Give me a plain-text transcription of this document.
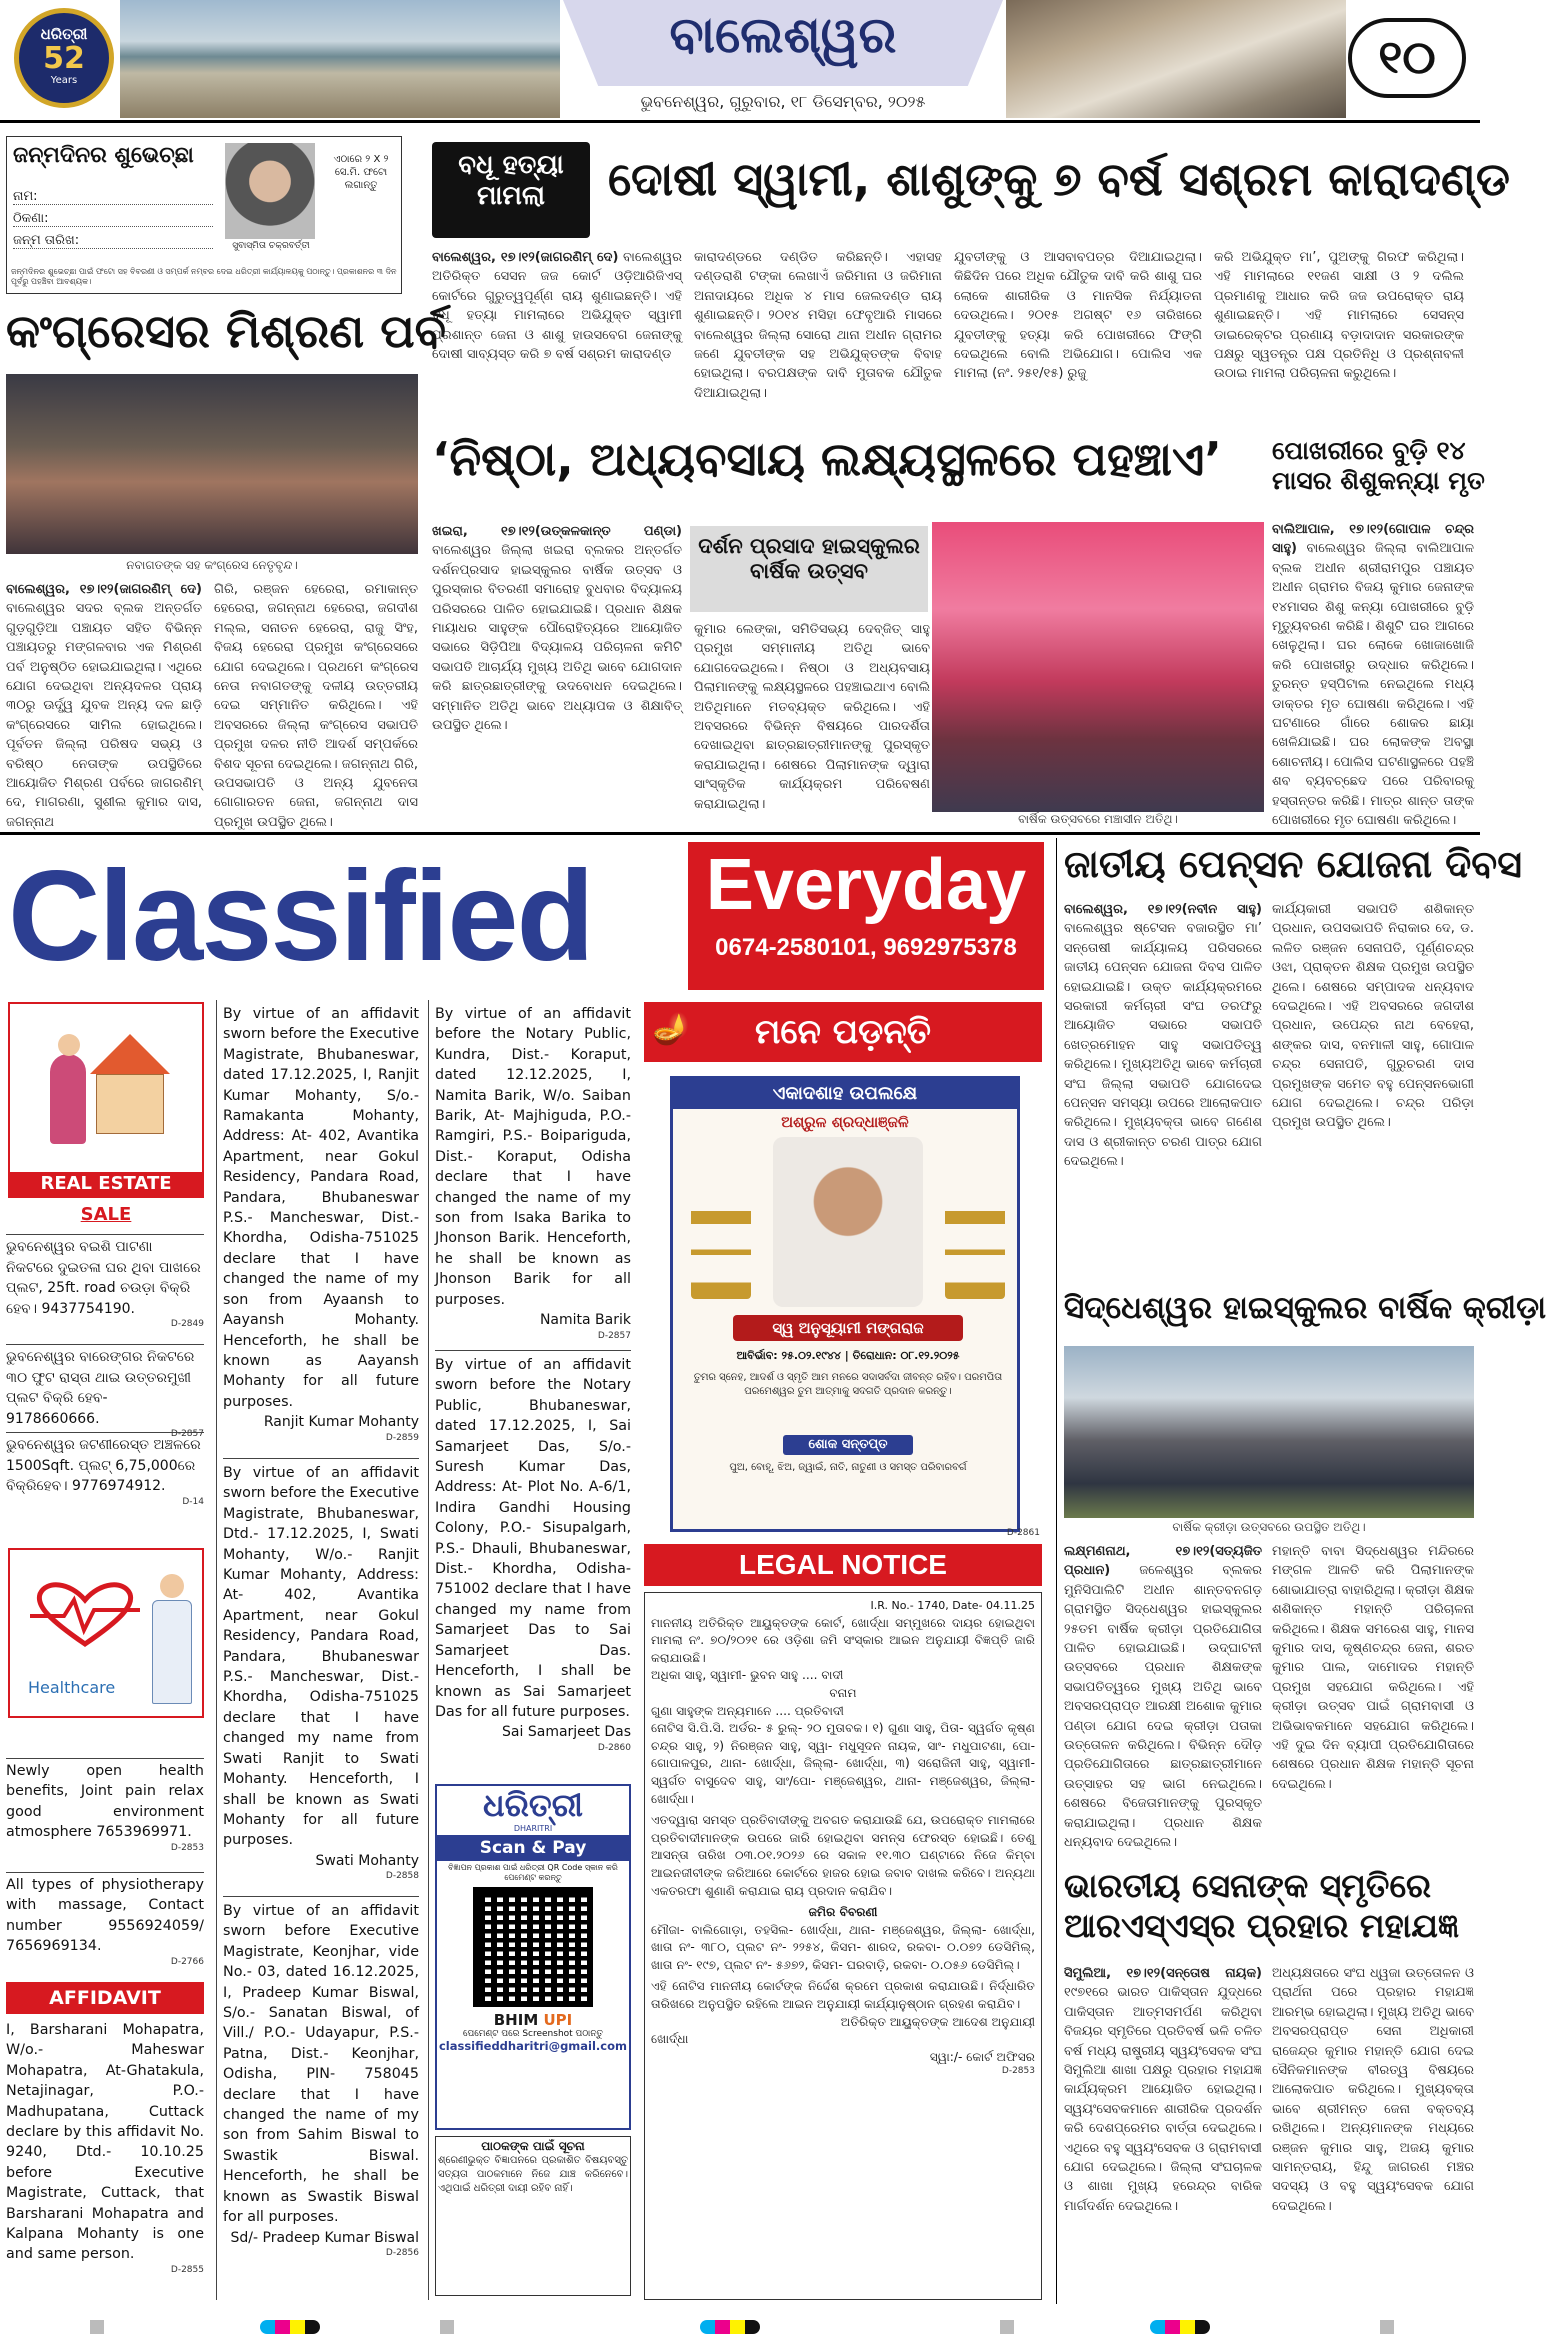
ଧରିତ୍ରୀ
52
Years
ବାଲେଶ୍ୱର
ଭୁବନେଶ୍ୱର, ଗୁରୁବାର, ୧୮ ଡିସେମ୍ବର, ୨୦୨୫
୧୦
ଜନ୍ମଦିନର ଶୁଭେଚ୍ଛା
ନାମ:
ଠିକଣା:
ଜନ୍ମ ତାରିଖ:	ସୁବାସ୍ମିତା ଚକ୍ରବର୍ତ୍ତୀ
ଏଠାରେ ୨ X ୨ ସେ.ମି. ଫଟୋ ଲଗାନ୍ତୁ
ଜନ୍ମଦିନର ଶୁଭେଚ୍ଛା ପାଇଁ ଫଟୋ ସହ ବିବରଣୀ ଓ ସମ୍ପର୍କ ନମ୍ବର ଦେଇ ଧରିତ୍ରୀ କାର୍ଯ୍ୟାଳୟକୁ ପଠାନ୍ତୁ। ପ୍ରକାଶନର ୩ ଦିନ ପୂର୍ବରୁ ପହଞ୍ଚିବା ଆବଶ୍ୟକ।
ବଧୂ ହତ୍ୟା
ମାମଲା	ଦୋଷୀ ସ୍ୱାମୀ, ଶାଶୁଙ୍କୁ ୭ ବର୍ଷ ସଶ୍ରମ କାରାଦଣ୍ଡ
ବାଲେଶ୍ୱର, ୧୭।୧୨(ଜାଗରଣିମ୍ ଦେ) ବାଲେଶ୍ୱର ଅତିରିକ୍ତ ସେସନ ଜଜ କୋର୍ଟ ଓଡ଼ିଆରିଜିଏସ୍ କୋର୍ଟରେ ଗୁରୁତ୍ୱପୂର୍ଣ୍ଣ ରାୟ ଶୁଣାଇଛନ୍ତି। ଏହି ବଧୂ ହତ୍ୟା ମାମଲାରେ ଅଭିଯୁକ୍ତ ସ୍ୱାମୀ ପ୍ରଶାନ୍ତ ଜେନା ଓ ଶାଶୁ ହାଉସବେଗ ଜେନାଙ୍କୁ ଦୋଷୀ ସାବ୍ୟସ୍ତ କରି ୭ ବର୍ଷ ସଶ୍ରମ କାରାଦଣ୍ଡ
କାରାଦଣ୍ଡରେ ଦଣ୍ଡିତ କରିଛନ୍ତି। ଏହାସହ ଦଣ୍ଡରାଶି ଟଙ୍କା ଲେଖାଏଁ ଜରିମାନା ଓ ଜରିମାନା ଅନାଦାୟରେ ଅଧିକ ୪ ମାସ ଜେଲଦଣ୍ଡ ରାୟ ଶୁଣାଇଛନ୍ତି। ୨୦୧୪ ମସିହା ଫେବୃଆରି ମାସରେ ବାଲେଶ୍ୱର ଜିଲ୍ଲା ସୋରୋ ଥାନା ଅଧୀନ ଗ୍ରାମର ଜଣେ ଯୁବତୀଙ୍କ ସହ ଅଭିଯୁକ୍ତଙ୍କ ବିବାହ ହୋଇଥିଲା। ବରପକ୍ଷଙ୍କ ଦାବି ମୁତାବକ ଯୌତୁକ ଦିଆଯାଇଥିଲା।
ଯୁବତୀଙ୍କୁ ଓ ଆସବାବପତ୍ର ଦିଆଯାଇଥିଲା। କିଛିଦିନ ପରେ ଅଧିକ ଯୌତୁକ ଦାବି କରି ଶାଶୁ ଘର ଲୋକେ ଶାରୀରିକ ଓ ମାନସିକ ନିର୍ଯ୍ୟାତନା ଦେଉଥିଲେ। ୨୦୧୫ ଅଗଷ୍ଟ ୧୬ ତାରିଖରେ ଯୁବତୀଙ୍କୁ ହତ୍ୟା କରି ପୋଖରୀରେ ଫିଙ୍ଗି ଦେଇଥିଲେ ବୋଲି ଅଭିଯୋଗ। ପୋଲିସ ଏକ ମାମଲା (ନଂ. ୨୫୧/୧୫) ରୁଜୁ
କରି ଅଭିଯୁକ୍ତ ମା’, ପୁଅଙ୍କୁ ଗିରଫ କରିଥିଲା। ଏହି ମାମଲାରେ ୧୧ଜଣ ସାକ୍ଷୀ ଓ ୨ ଦଲିଲ ପ୍ରମାଣକୁ ଆଧାର କରି ଜଜ ଉପରୋକ୍ତ ରାୟ ଶୁଣାଇଛନ୍ତି। ଏହି ମାମଲାରେ ସେସନ୍ସ ଡାଇରେକ୍ଟର ପ୍ରଣାୟ ବଡ଼ାଦାଦାନ ସରକାରଙ୍କ ପକ୍ଷରୁ ସ୍ୱତନ୍ତ୍ର ପକ୍ଷ ପ୍ରତିନିଧି ଓ ପ୍ରଶ୍ନାବଳୀ ଉଠାଇ ମାମଲା ପରିଚାଳନା କରୁଥିଲେ।
କଂଗ୍ରେସର ମିଶ୍ରଣ ପର୍ବ
ନବାଗତଙ୍କ ସହ କଂଗ୍ରେସ ନେତୃବୃନ୍ଦ।
ବାଲେଶ୍ୱର, ୧୭।୧୨(ଜାଗରଣିମ୍ ଦେ) ବାଲେଶ୍ୱର ସଦର ବ୍ଲକ ଅନ୍ତର୍ଗତ ଗୁଡ଼ଗୁଡ଼ିଆ ପଞ୍ଚାୟତ ସହିତ ବିଭିନ୍ନ ପଞ୍ଚାୟତରୁ ମଙ୍ଗଳବାର ଏକ ମିଶ୍ରଣ ପର୍ବ ଅନୁଷ୍ଠିତ ହୋଇଯାଇଥିଲା। ଏଥିରେ ଯୋଗ ଦେଇଥିବା ଅନ୍ୟଦଳର ପ୍ରାୟ ୩୦ରୁ ଊର୍ଦ୍ଧ୍ୱ ଯୁବକ ଅନ୍ୟ ଦଳ ଛାଡ଼ି କଂଗ୍ରେସରେ ସାମିଲ ହୋଇଥିଲେ। ପୂର୍ବତନ ଜିଲ୍ଲା ପରିଷଦ ସଭ୍ୟ ଓ ବରିଷ୍ଠ ନେତାଙ୍କ ଉପସ୍ଥିତିରେ ଆୟୋଜିତ ମିଶ୍ରଣ ପର୍ବରେ ଜାଗରଣିମ୍ ଦେ, ମାଗରଣା, ସୁଶୀଲ କୁମାର ଦାସ, ଜଗନ୍ନାଥ
ଗିରି, ରଞ୍ଜନ ହେରେରା, ରମାକାନ୍ତ ହେରେରା, ଜଗନ୍ନାଥ ହେରେରା, ଜଗଦୀଶ ମଲ୍ଲ, ସନାତନ ହେରେରା, ରାଜୁ ସିଂହ, ବିଜୟ ହେରେରା ପ୍ରମୁଖ କଂଗ୍ରେସରେ ଯୋଗ ଦେଇଥିଲେ। ପ୍ରଥମେ କଂଗ୍ରେସ ନେତା ନବାଗତଙ୍କୁ ଦଳୀୟ ଉତ୍ତରୀୟ ଦେଇ ସମ୍ମାନିତ କରିଥିଲେ। ଏହି ଅବସରରେ ଜିଲ୍ଲା କଂଗ୍ରେସ ସଭାପତି ପ୍ରମୁଖ ଦଳର ନୀତି ଆଦର୍ଶ ସମ୍ପର୍କରେ ବିଶଦ ସୂଚନା ଦେଇଥିଲେ। ଜଗନ୍ନାଥ ଗିରି, ଉପସଭାପତି ଓ ଅନ୍ୟ ଯୁବନେତା ଗୋଗାରତନ ଜେନା, ଜଗନ୍ନାଥ ଦାସ ପ୍ରମୁଖ ଉପସ୍ଥିତ ଥିଲେ।
‘ନିଷ୍ଠା, ଅଧ୍ୟବସାୟ ଲକ୍ଷ୍ୟସ୍ଥଳରେ ପହଞ୍ଚାଏ’
ଖଇରା, ୧୭।୧୨(ଉତ୍କଳକାନ୍ତ ପଣ୍ଡା) ବାଲେଶ୍ୱର ଜିଲ୍ଲା ଖଇରା ବ୍ଲକର ଅନ୍ତର୍ଗତ ଦର୍ଶନପ୍ରସାଦ ହାଇସ୍କୁଲର ବାର୍ଷିକ ଉତ୍ସବ ଓ ପୁରସ୍କାର ବିତରଣୀ ସମାରୋହ ବୁଧବାର ବିଦ୍ୟାଳୟ ପରିସରରେ ପାଳିତ ହୋଇଯାଇଛି। ପ୍ରଧାନ ଶିକ୍ଷକ ମାୟାଧର ସାହୁଙ୍କ ପୌରୋହିତ୍ୟରେ ଆୟୋଜିତ ସଭାରେ ସିଡ଼ିପିଆ ବିଦ୍ୟାଳୟ ପରିଚାଳନା କମିଟି ସଭାପତି ଆଚାର୍ଯ୍ୟ ମୁଖ୍ୟ ଅତିଥି ଭାବେ ଯୋଗଦାନ କରି ଛାତ୍ରଛାତ୍ରୀଙ୍କୁ ଉଦବୋଧନ ଦେଇଥିଲେ। ସମ୍ମାନିତ ଅତିଥି ଭାବେ ଅଧ୍ୟାପକ ଓ ଶିକ୍ଷାବିତ୍ ଉପସ୍ଥିତ ଥିଲେ।
ଦର୍ଶନ ପ୍ରସାଦ ହାଇସ୍କୁଲର
ବାର୍ଷିକ ଉତ୍ସବ
କୁମାର ଲେଙ୍କା, ସମିତିସଭ୍ୟ ଦେବ୍ଜିତ୍ ସାହୁ ପ୍ରମୁଖ ସମ୍ମାନୀୟ ଅତିଥି ଭାବେ ଯୋଗଦେଇଥିଲେ। ନିଷ୍ଠା ଓ ଅଧ୍ୟବସାୟ ପିଲାମାନଙ୍କୁ ଲକ୍ଷ୍ୟସ୍ଥଳରେ ପହଞ୍ଚାଇଥାଏ ବୋଲି ଅତିଥିମାନେ ମତବ୍ୟକ୍ତ କରିଥିଲେ। ଏହି ଅବସରରେ ବିଭିନ୍ନ ବିଷୟରେ ପାରଦର୍ଶିତା ଦେଖାଇଥିବା ଛାତ୍ରଛାତ୍ରୀମାନଙ୍କୁ ପୁରସ୍କୃତ କରାଯାଇଥିଲା। ଶେଷରେ ପିଲାମାନଙ୍କ ଦ୍ୱାରା ସାଂସ୍କୃତିକ କାର୍ଯ୍ୟକ୍ରମ ପରିବେଷଣ କରାଯାଇଥିଲା।
ବାର୍ଷିକ ଉତ୍ସବରେ ମଞ୍ଚାସୀନ ଅତିଥି।
ପୋଖରୀରେ ବୁଡ଼ି ୧୪
ମାସର ଶିଶୁକନ୍ୟା ମୃତ
ବାଲିଆପାଳ, ୧୭।୧୨(ଗୋପାଳ ଚନ୍ଦ୍ର ସାହୁ) ବାଲେଶ୍ୱର ଜିଲ୍ଲା ବାଲିଆପାଳ ବ୍ଲକ ଅଧୀନ ଶ୍ରୀରାମପୁର ପଞ୍ଚାୟତ ଅଧୀନ ଗ୍ରାମର ବିଜୟ କୁମାର ଜେନାଙ୍କ ୧୪ମାସର ଶିଶୁ କନ୍ୟା ପୋଖରୀରେ ବୁଡ଼ି ମୃତ୍ୟୁବରଣ କରିଛି। ଶିଶୁଟି ଘର ଆଗରେ ଖେଳୁଥିଲା। ଘର ଲୋକେ ଖୋଜାଖୋଜି କରି ପୋଖରୀରୁ ଉଦ୍ଧାର କରିଥିଲେ। ତୁରନ୍ତ ହସ୍ପିଟାଲ ନେଇଥିଲେ ମଧ୍ୟ ଡାକ୍ତର ମୃତ ଘୋଷଣା କରିଥିଲେ। ଏହି ଘଟଣାରେ ଗାଁରେ ଶୋକର ଛାୟା ଖେଳିଯାଇଛି। ଘର ଲୋକଙ୍କ ଅବସ୍ଥା ଶୋଚନୀୟ। ପୋଲିସ ଘଟଣାସ୍ଥଳରେ ପହଞ୍ଚି ଶବ ବ୍ୟବଚ୍ଛେଦ ପରେ ପରିବାରକୁ ହସ୍ତାନ୍ତର କରିଛି। ମାତ୍ର ଶାନ୍ତ ତାଙ୍କ ପୋଖରୀରେ ମୃତ ଘୋଷଣା କରିଥିଲେ।
Classified Everyday
0674-2580101, 9692975378
REAL ESTATE
SALE
ଭୁବନେଶ୍ୱର ବଇଶି ପାଟଣା ନିକଟରେ ଦୁଇତଳା ଘର ଥିବା ପାଖରେ ପ୍ଲଟ, 25ft. road ଚଉଡ଼ା ବିକ୍ରି ହେବ। 9437754190.
D-2849
ଭୁବନେଶ୍ୱର ବାରେଙ୍ଗର ନିକଟରେ ୩୦ ଫୁଟ ରାସ୍ତା ଥାଇ ଉତ୍ତରମୁଖୀ ପ୍ଲଟ ବିକ୍ରି ହେବ- 9178660666.
D-2857
ଭୁବନେଶ୍ୱର ଜଟଣୀରେସ୍ତ ଅଞ୍ଚଳରେ 1500Sqft. ପ୍ଲଟ୍ 6,75,000ରେ ବିକ୍ରିହେବ। 9776974912.
D-14
Healthcare
Newly open health benefits, Joint pain relax good environment atmosphere 7653969971.
D-2853
All types of physiotherapy with massage, Contact number 9556924059/ 7656969134.
D-2766
AFFIDAVIT
I, Barsharani Mohapatra, W/o.- Maheswar Mohapatra, At-Ghatakula, Netajinagar, P.O.- Madhupatana, Cuttack declare by this affidavit No. 9240, Dtd.- 10.10.25 before Executive Magistrate, Cuttack, that Barsharani Mohapatra and Kalpana Mohanty is one and same person.
D-2855
By virtue of an affidavit sworn before the Executive Magistrate, Bhubaneswar, dated 17.12.2025, I, Ranjit Kumar Mohanty, S/o.- Ramakanta Mohanty, Address: At- 402, Avantika Apartment, near Gokul Residency, Pandara Road, Pandara, Bhubaneswar P.S.- Mancheswar, Dist.- Khordha, Odisha-751025 declare that I have changed the name of my son from Ayaansh to Aayansh Mohanty. Henceforth, he shall be known as Aayansh Mohanty for all future purposes.
Ranjit Kumar Mohanty
D-2859
By virtue of an affidavit sworn before the Executive Magistrate, Bhubaneswar, Dtd.- 17.12.2025, I, Swati Mohanty, W/o.- Ranjit Kumar Mohanty, Address: At- 402, Avantika Apartment, near Gokul Residency, Pandara Road, Pandara, Bhubaneswar P.S.- Mancheswar, Dist.- Khordha, Odisha-751025 declare that I have changed my name from Swati Ranjit to Swati Mohanty. Henceforth, I shall be known as Swati Mohanty for all future purposes.
Swati Mohanty
D-2858
By virtue of an affidavit sworn before Executive Magistrate, Keonjhar, vide No.- 03, dated 16.12.2025, I, Pradeep Kumar Biswal, S/o.- Sanatan Biswal, of Vill./ P.O.- Udayapur, P.S.- Patna, Dist.- Keonjhar, Odisha, PIN- 758045 declare that I have changed the name of my son from Sahim Biswal to Swastik Biswal. Henceforth, he shall be known as Swastik Biswal for all purposes.
Sd/- Pradeep Kumar Biswal
D-2856
By virtue of an affidavit before the Notary Public, Kundra, Dist.- Koraput, dated 12.12.2025, I, Namita Barik, W/o. Saiban Barik, At- Majhiguda, P.O.- Ramgiri, P.S.- Boipariguda, Dist.- Koraput, Odisha declare that I have changed the name of my son from Isaka Barika to Jhonson Barik. Henceforth, he shall be known as Jhonson Barik for all purposes.
Namita Barik
D-2857
By virtue of an affidavit sworn before the Notary Public, Bhubaneswar, dated 17.12.2025, I, Sai Samarjeet Das, S/o.- Suresh Kumar Das, Address: At- Plot No. A-6/1, Indira Gandhi Housing Colony, P.O.- Sisupalgarh, P.S.- Dhauli, Bhubaneswar, Dist.- Khordha, Odisha-751002 declare that I have changed my name from Samarjeet Das to Sai Samarjeet Das. Henceforth, I shall be known as Sai Samarjeet Das for all future purposes.
Sai Samarjeet Das
D-2860
ଧରିତ୍ରୀ
DHARITRI
Scan & Pay
ବିଜ୍ଞାପନ ପ୍ରକାଶ ପାଇଁ ଧରିତ୍ରୀ QR Code ସ୍କାନ କରି ପେମେଣ୍ଟ କରନ୍ତୁ
BHIM UPI
ପେମେଣ୍ଟ ପରେ Screenshot ପଠାନ୍ତୁ
classifieddharitri@gmail.com
ପାଠକଙ୍କ ପାଇଁ ସୂଚନା
ଶ୍ରେଣୀଭୁକ୍ତ ବିଜ୍ଞାପନରେ ପ୍ରକାଶିତ ବିଷୟବସ୍ତୁ ସତ୍ୟତା ପାଠକମାନେ ନିଜେ ଯାଞ୍ଚ କରିନେବେ। ଏଥିପାଇଁ ଧରିତ୍ରୀ ଦାୟୀ ରହିବ ନାହିଁ।
🪔 ମନେ ପଡ଼ନ୍ତି
ଏକାଦଶାହ ଉପଲକ୍ଷେ
ଅଶ୍ରୁଳ ଶ୍ରଦ୍ଧାଞ୍ଜଳି
ସ୍ୱ ଅନୁସୂୟାମୀ ମଙ୍ଗରାଜ
ଆବିର୍ଭାବ: ୨୫.୦୨.୧୯୪୪ | ତିରୋଧାନ: ୦୮.୧୨.୨୦୨୫
ତୁମର ସ୍ନେହ, ଆଦର୍ଶ ଓ ସ୍ମୃତି ଆମ ମନରେ ସଦାସର୍ବଦା ଜୀବନ୍ତ ରହିବ। ପରମପିତା ପରମେଶ୍ୱର ତୁମ ଆତ୍ମାକୁ ସଦଗତି ପ୍ରଦାନ କରନ୍ତୁ।
ଶୋକ ସନ୍ତପ୍ତ
ପୁଅ, ବୋହୂ, ଝିଅ, ଜ୍ୱାଇଁ, ନାତି, ନାତୁଣୀ ଓ ସମସ୍ତ ପରିବାରବର୍ଗ
D-2861
LEGAL NOTICE
I.R. No.- 1740, Date- 04.11.25
ମାନନୀୟ ଅତିରିକ୍ତ ଆୟୁକ୍ତଙ୍କ କୋର୍ଟ, ଖୋର୍ଦ୍ଧା ସମ୍ମୁଖରେ ଦାୟର ହୋଇଥିବା ମାମଲା ନଂ. ୭୦/୨୦୨୧ ରେ ଓଡ଼ିଶା ଜମି ସଂସ୍କାର ଆଇନ ଅନୁଯାୟୀ ବିଜ୍ଞପ୍ତି ଜାରି କରାଯାଉଛି।
ଅଧିକା ସାହୁ, ସ୍ୱାମୀ- ଭୁବନ ସାହୁ .... ବାଦୀ
ବନାମ
ଗୁଣା ସାହୁଙ୍କ ଅନ୍ୟମାନେ .... ପ୍ରତିବାଦୀ
ନୋଟିସ ସି.ପି.ସି. ଅର୍ଡର- ୫ ରୁଲ୍- ୨୦ ମୁତାବକ। ୧) ଗୁଣା ସାହୁ, ପିତା- ସ୍ୱର୍ଗତ କୃଷ୍ଣ ଚନ୍ଦ୍ର ସାହୁ, ୨) ନିରଞ୍ଜନ ସାହୁ, ସ୍ୱା- ମଧୁସୂଦନ ନାୟକ, ସାଂ- ମଧୁପାଟଣା, ପୋ- ଗୋପାଳପୁର, ଥାନା- ଖୋର୍ଦ୍ଧା, ଜିଲ୍ଲା- ଖୋର୍ଦ୍ଧା, ୩) ସରୋଜିନୀ ସାହୁ, ସ୍ୱାମୀ- ସ୍ୱର୍ଗତ ବାସୁଦେବ ସାହୁ, ସାଂ/ପୋ- ମଞ୍ଜେଶ୍ୱର, ଥାନା- ମଞ୍ଜେଶ୍ୱର, ଜିଲ୍ଲା- ଖୋର୍ଦ୍ଧା।
ଏତଦ୍ୱାରା ସମସ୍ତ ପ୍ରତିବାଦୀଙ୍କୁ ଅବଗତ କରାଯାଉଛି ଯେ, ଉପରୋକ୍ତ ମାମଲାରେ ପ୍ରତିବାଦୀମାନଙ୍କ ଉପରେ ଜାରି ହୋଇଥିବା ସମନ୍ସ ଫେରସ୍ତ ହୋଇଛି। ତେଣୁ ଆସନ୍ତା ତାରିଖ ୦୩.୦୧.୨୦୨୬ ରେ ସକାଳ ୧୧.୩୦ ଘଣ୍ଟାରେ ନିଜେ କିମ୍ବା ଆଇନଜୀବୀଙ୍କ ଜରିଆରେ କୋର୍ଟରେ ହାଜର ହୋଇ ଜବାବ ଦାଖଲ କରିବେ। ଅନ୍ୟଥା ଏକତରଫା ଶୁଣାଣି କରାଯାଇ ରାୟ ପ୍ରଦାନ କରାଯିବ।
ଜମିର ବିବରଣୀ
ମୌଜା- ବାଲିଗୋଡ଼ା, ତହସିଲ- ଖୋର୍ଦ୍ଧା, ଥାନା- ମଞ୍ଜେଶ୍ୱର, ଜିଲ୍ଲା- ଖୋର୍ଦ୍ଧା, ଖାତା ନଂ- ୩୮୦, ପ୍ଲଟ ନଂ- ୨୨୫୪, କିସମ- ଶାରଦ, ରକବା- ୦.୦୭୨ ଡେସିମିଲ୍, ଖାତା ନଂ- ୧୯୭, ପ୍ଲଟ ନଂ- ୫୬୭୨, କିସମ- ଘରବାଡ଼ି, ରକବା- ୦.୦୫୬ ଡେସିମିଲ୍।
ଏହି ନୋଟିସ ମାନନୀୟ କୋର୍ଟଙ୍କ ନିର୍ଦ୍ଦେଶ କ୍ରମେ ପ୍ରକାଶ କରାଯାଉଛି। ନିର୍ଦ୍ଧାରିତ ତାରିଖରେ ଅନୁପସ୍ଥିତ ରହିଲେ ଆଇନ ଅନୁଯାୟୀ କାର୍ଯ୍ୟାନୁଷ୍ଠାନ ଗ୍ରହଣ କରାଯିବ।
ଅତିରିକ୍ତ ଆୟୁକ୍ତଙ୍କ ଆଦେଶ ଅନୁଯାୟୀ
ଖୋର୍ଦ୍ଧା
ସ୍ୱା:/- କୋର୍ଟ ଅଫିସର
D-2853
ଜାତୀୟ ପେନ୍ସନ ଯୋଜନା ଦିବସ
ବାଲେଶ୍ୱର, ୧୭।୧୨(ନବୀନ ସାହୁ) ବାଲେଶ୍ୱର ଷ୍ଟେସନ ବଜାରସ୍ଥିତ ମା’ ସନ୍ତୋଷୀ କାର୍ଯ୍ୟାଳୟ ପରିସରରେ ଜାତୀୟ ପେନ୍ସନ ଯୋଜନା ଦିବସ ପାଳିତ ହୋଇଯାଇଛି। ଉକ୍ତ କାର୍ଯ୍ୟକ୍ରମରେ ସରକାରୀ କର୍ମଚାରୀ ସଂଘ ତରଫରୁ ଆୟୋଜିତ ସଭାରେ ସଭାପତି ଖେତ୍ରମୋହନ ସାହୁ ସଭାପତିତ୍ୱ କରିଥିଲେ। ମୁଖ୍ୟଅତିଥି ଭାବେ କର୍ମଚାରୀ ସଂଘ ଜିଲ୍ଲା ସଭାପତି ଯୋଗଦେଇ ପେନ୍ସନ ସମସ୍ୟା ଉପରେ ଆଲୋକପାତ କରିଥିଲେ। ମୁଖ୍ୟବକ୍ତା ଭାବେ ଗଣେଶ ଦାସ ଓ ଶ୍ରୀକାନ୍ତ ଚରଣ ପାତ୍ର ଯୋଗ ଦେଇଥିଲେ।
କାର୍ଯ୍ୟକାରୀ ସଭାପତି ଶଶିକାନ୍ତ ପ୍ରଧାନ, ଉପସଭାପତି ନିରାକାର ଦେ, ଡ. ଲଳିତ ରଞ୍ଜନ ସେନାପତି, ପୂର୍ଣ୍ଣଚନ୍ଦ୍ର ଓଝା, ପ୍ରାକ୍ତନ ଶିକ୍ଷକ ପ୍ରମୁଖ ଉପସ୍ଥିତ ଥିଲେ। ଶେଷରେ ସମ୍ପାଦକ ଧନ୍ୟବାଦ ଦେଇଥିଲେ। ଏହି ଅବସରରେ ଜଗଦୀଶ ପ୍ରଧାନ, ଉପେନ୍ଦ୍ର ନାଥ ବେହେରା, ଶଙ୍କର ଦାସ, ବନମାଳୀ ସାହୁ, ଗୋପାଳ ଚନ୍ଦ୍ର ସେନାପତି, ଗୁରୁଚରଣ ଦାସ ପ୍ରମୁଖଙ୍କ ସମେତ ବହୁ ପେନ୍ସନଭୋଗୀ ଯୋଗ ଦେଇଥିଲେ। ଚନ୍ଦ୍ର ପରିଡ଼ା ପ୍ରମୁଖ ଉପସ୍ଥିତ ଥିଲେ।
ସିଦ୍ଧେଶ୍ୱର ହାଇସ୍କୁଲର ବାର୍ଷିକ କ୍ରୀଡ଼ା
ବାର୍ଷିକ କ୍ରୀଡ଼ା ଉତ୍ସବରେ ଉପସ୍ଥିତ ଅତିଥି।
ଲକ୍ଷ୍ମଣନାଥ, ୧୭।୧୨(ସତ୍ୟଜିତ ପ୍ରଧାନ) ଜଳେଶ୍ୱର ବ୍ଲକର ମୁନିସିପାଲିଟି ଅଧୀନ ଶାନ୍ତବନଗଡ଼ ଗ୍ରାମସ୍ଥିତ ସିଦ୍ଧେଶ୍ୱର ହାଇସ୍କୁଲର ୨୫ତମ ବାର୍ଷିକ କ୍ରୀଡ଼ା ପ୍ରତିଯୋଗିତା ପାଳିତ ହୋଇଯାଇଛି। ଉଦ୍‌ଘାଟନୀ ଉତ୍ସବରେ ପ୍ରଧାନ ଶିକ୍ଷକଙ୍କ ସଭାପତିତ୍ୱରେ ମୁଖ୍ୟ ଅତିଥି ଭାବେ ଅବସରପ୍ରାପ୍ତ ଆରକ୍ଷୀ ଅଶୋକ କୁମାର ପଣ୍ଡା ଯୋଗ ଦେଇ କ୍ରୀଡ଼ା ପତାକା ଉତ୍ତୋଳନ କରିଥିଲେ। ବିଭିନ୍ନ ଦୌଡ଼ ପ୍ରତିଯୋଗିତାରେ ଛାତ୍ରଛାତ୍ରୀମାନେ ଉତ୍ସାହର ସହ ଭାଗ ନେଇଥିଲେ। ଶେଷରେ ବିଜେତାମାନଙ୍କୁ ପୁରସ୍କୃତ କରାଯାଇଥିଲା। ପ୍ରଧାନ ଶିକ୍ଷକ ଧନ୍ୟବାଦ ଦେଇଥିଲେ।
ମହାନ୍ତି ବାବା ସିଦ୍ଧେଶ୍ୱର ମନ୍ଦିରରେ ମଙ୍ଗଳ ଆଳତି କରି ପିଲାମାନଙ୍କ ଶୋଭାଯାତ୍ରା ବାହାରିଥିଲା। କ୍ରୀଡ଼ା ଶିକ୍ଷକ ଶଶିକାନ୍ତ ମହାନ୍ତି ପରିଚାଳନା କରିଥିଲେ। ଶିକ୍ଷକ ସମରେଶ ସାହୁ, ମାନସ କୁମାର ଦାସ, କୃଷ୍ଣଚନ୍ଦ୍ର ଜେନା, ଶରତ କୁମାର ପାଲ, ଦାମୋଦର ମହାନ୍ତି ପ୍ରମୁଖ ସହଯୋଗ କରିଥିଲେ। ଏହି କ୍ରୀଡ଼ା ଉତ୍ସବ ପାଇଁ ଗ୍ରାମବାସୀ ଓ ଅଭିଭାବକମାନେ ସହଯୋଗ କରିଥିଲେ। ଏହି ଦୁଇ ଦିନ ବ୍ୟାପୀ ପ୍ରତିଯୋଗିତାରେ ଶେଷରେ ପ୍ରଧାନ ଶିକ୍ଷକ ମହାନ୍ତି ସୂଚନା ଦେଇଥିଲେ।
ଭାରତୀୟ ସେନାଙ୍କ ସ୍ମୃତିରେ
ଆରଏସ୍ଏସ୍‌ର ପ୍ରହାର ମହାଯଜ୍ଞ
ସିମୁଲିଆ, ୧୭।୧୨(ସନ୍ତୋଷ ନାୟକ) ୧୯୭୧ରେ ଭାରତ ପାକିସ୍ତାନ ଯୁଦ୍ଧରେ ପାକିସ୍ତାନ ଆତ୍ମସମର୍ପଣ କରିଥିବା ବିଜୟର ସ୍ମୃତିରେ ପ୍ରତିବର୍ଷ ଭଳି ଚଳିତ ବର୍ଷ ମଧ୍ୟ ରାଷ୍ଟ୍ରୀୟ ସ୍ୱୟଂସେବକ ସଂଘ ସିମୁଲିଆ ଶାଖା ପକ୍ଷରୁ ପ୍ରହାର ମହାଯଜ୍ଞ କାର୍ଯ୍ୟକ୍ରମ ଆୟୋଜିତ ହୋଇଥିଲା। ସ୍ୱୟଂସେବକମାନେ ଶାରୀରିକ ପ୍ରଦର୍ଶନ କରି ଦେଶପ୍ରେମର ବାର୍ତ୍ତା ଦେଇଥିଲେ। ଏଥିରେ ବହୁ ସ୍ୱୟଂସେବକ ଓ ଗ୍ରାମବାସୀ ଯୋଗ ଦେଇଥିଲେ। ଜିଲ୍ଲା ସଂଘଚାଳକ ଓ ଶାଖା ମୁଖ୍ୟ ହରେନ୍ଦ୍ର ବାରିକ ମାର୍ଗଦର୍ଶନ ଦେଇଥିଲେ।
ଅଧ୍ୟକ୍ଷତାରେ ସଂଘ ଧ୍ୱଜା ଉତ୍ତୋଳନ ଓ ପ୍ରାର୍ଥନା ପରେ ପ୍ରହାର ମହାଯଜ୍ଞ ଆରମ୍ଭ ହୋଇଥିଲା। ମୁଖ୍ୟ ଅତିଥି ଭାବେ ଅବସରପ୍ରାପ୍ତ ସେନା ଅଧିକାରୀ ରାଜେନ୍ଦ୍ର କୁମାର ମହାନ୍ତି ଯୋଗ ଦେଇ ସୈନିକମାନଙ୍କ ବୀରତ୍ୱ ବିଷୟରେ ଆଲୋକପାତ କରିଥିଲେ। ମୁଖ୍ୟବକ୍ତା ଭାବେ ଶ୍ରୀମନ୍ତ ଜେନା ବକ୍ତବ୍ୟ ରଖିଥିଲେ। ଅନ୍ୟମାନଙ୍କ ମଧ୍ୟରେ ରଞ୍ଜନ କୁମାର ସାହୁ, ଅଜୟ କୁମାର ସାମନ୍ତରାୟ, ହିନ୍ଦୁ ଜାଗରଣ ମଞ୍ଚର ସଦସ୍ୟ ଓ ବହୁ ସ୍ୱୟଂସେବକ ଯୋଗ ଦେଇଥିଲେ।
